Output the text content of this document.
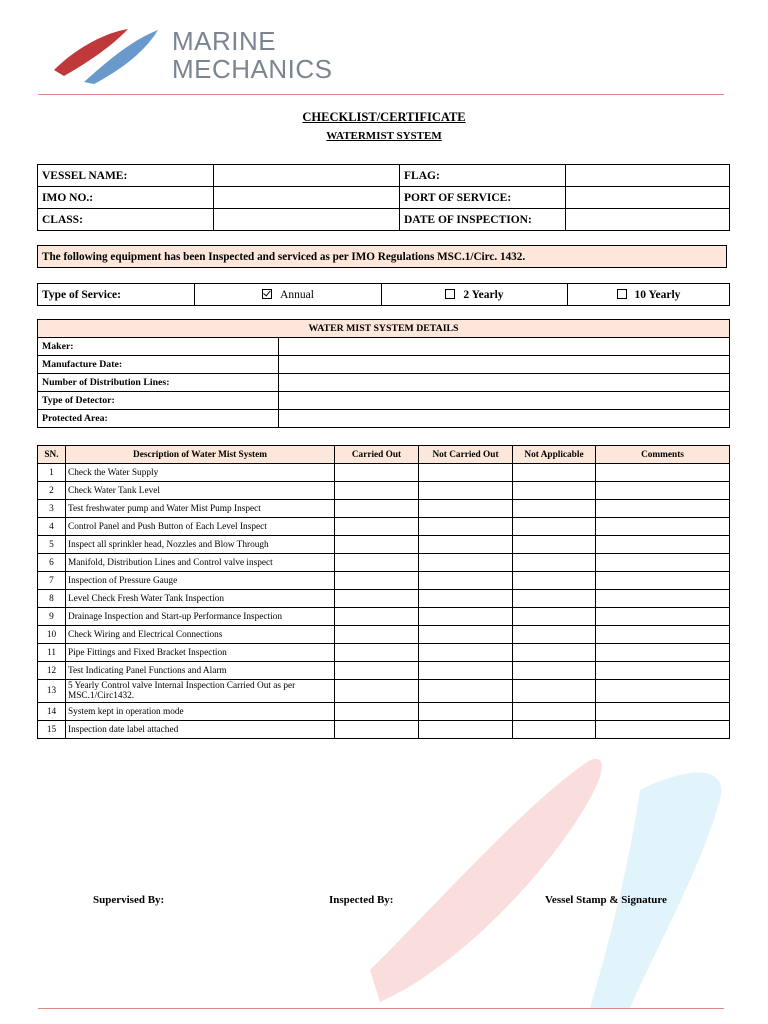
MARINE
MECHANICS
CHECKLIST/CERTIFICATE
WATERMIST SYSTEM
VESSEL NAME:		FLAG:	
IMO NO.:		PORT OF SERVICE:	
CLASS:		DATE OF INSPECTION:	
The following equipment has been Inspected and serviced as per IMO Regulations MSC.1/Circ. 1432.
Type of Service:	Annual	2 Yearly	10 Yearly
WATER MIST SYSTEM DETAILS	
Maker:	
Manufacture Date:	
Number of Distribution Lines:	
Type of Detector:	
Protected Area:	
SN.	Description of Water Mist System	Carried Out	Not Carried Out	Not Applicable	Comments
1	Check the Water Supply				
2	Check Water Tank Level				
3	Test freshwater pump and Water Mist Pump Inspect				
4	Control Panel and Push Button of Each Level Inspect				
5	Inspect all sprinkler head, Nozzles and Blow Through				
6	Manifold, Distribution Lines and Control valve inspect				
7	Inspection of Pressure Gauge				
8	Level Check Fresh Water Tank Inspection				
9	Drainage Inspection and Start-up Performance Inspection				
10	Check Wiring and Electrical Connections				
11	Pipe Fittings and Fixed Bracket Inspection				
12	Test Indicating Panel Functions and Alarm				
13	5 Yearly Control valve Internal Inspection Carried Out as per MSC.1/Circ1432.				
14	System kept in operation mode				
15	Inspection date label attached				
Supervised By:	Inspected By:	Vessel Stamp & Signature
